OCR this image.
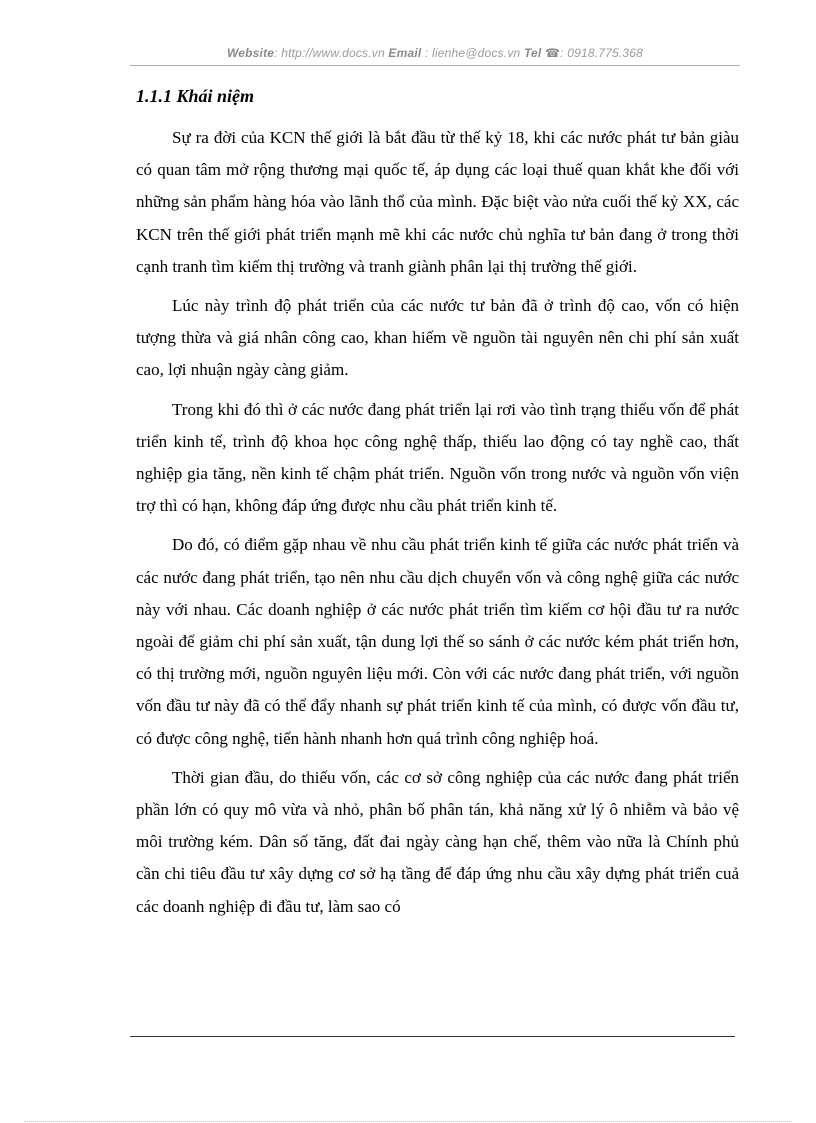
Website: http://www.docs.vn Email : lienhe@docs.vn Tel ☎: 0918.775.368
1.1.1 Khái niệm

Sự ra đời của KCN thế giới là bắt đầu từ thế kỷ 18, khi các nước phát tư bản giàu có quan tâm mở rộng thương mại quốc tế, áp dụng các loại thuế quan khắt khe đối với những sản phẩm hàng hóa vào lãnh thổ của mình. Đặc biệt vào nửa cuối thế kỷ XX, các KCN trên thế giới phát triển mạnh mẽ khi các nước chủ nghĩa tư bản đang ở trong thời cạnh tranh tìm kiếm thị trường và tranh giành phân lại thị trường thế giới.

Lúc này trình độ phát triển của các nước tư bản đã ở trình độ cao, vốn có hiện tượng thừa và giá nhân công cao, khan hiếm về nguồn tài nguyên nên chi phí sản xuất cao, lợi nhuận ngày càng giảm.

Trong khi đó thì ở các nước đang phát triển lại rơi vào tình trạng thiếu vốn để phát triển kinh tế, trình độ khoa học công nghệ thấp, thiếu lao động có tay nghề cao, thất nghiệp gia tăng, nền kinh tế chậm phát triển. Nguồn vốn trong nước và nguồn vốn viện trợ thì có hạn, không đáp ứng được nhu cầu phát triển kinh tế.

Do đó, có điểm gặp nhau về nhu cầu phát triển kinh tế giữa các nước phát triển và các nước đang phát triển, tạo nên nhu cầu dịch chuyển vốn và công nghệ giữa các nước này với nhau. Các doanh nghiệp ở các nước phát triển tìm kiếm cơ hội đầu tư ra nước ngoài để giảm chi phí sản xuất, tận dung lợi thế so sánh ở các nước kém phát triển hơn, có thị trường mới, nguồn nguyên liệu mới. Còn với các nước đang phát triển, với nguồn vốn đầu tư này đã có thể đẩy nhanh sự phát triển kinh tế của mình, có được vốn đầu tư, có được công nghệ, tiến hành nhanh hơn quá trình công nghiệp hoá.

Thời gian đầu, do thiếu vốn, các cơ sở công nghiệp của các nước đang phát triển phần lớn có quy mô vừa và nhỏ, phân bố phân tán, khả năng xử lý ô nhiễm và bảo vệ môi trường kém. Dân số tăng, đất đai ngày càng hạn chế, thêm vào nữa là Chính phủ cần chi tiêu đầu tư xây dựng cơ sở hạ tầng để đáp ứng nhu cầu xây dựng phát triển cuả các doanh nghiệp đi đầu tư, làm sao có
